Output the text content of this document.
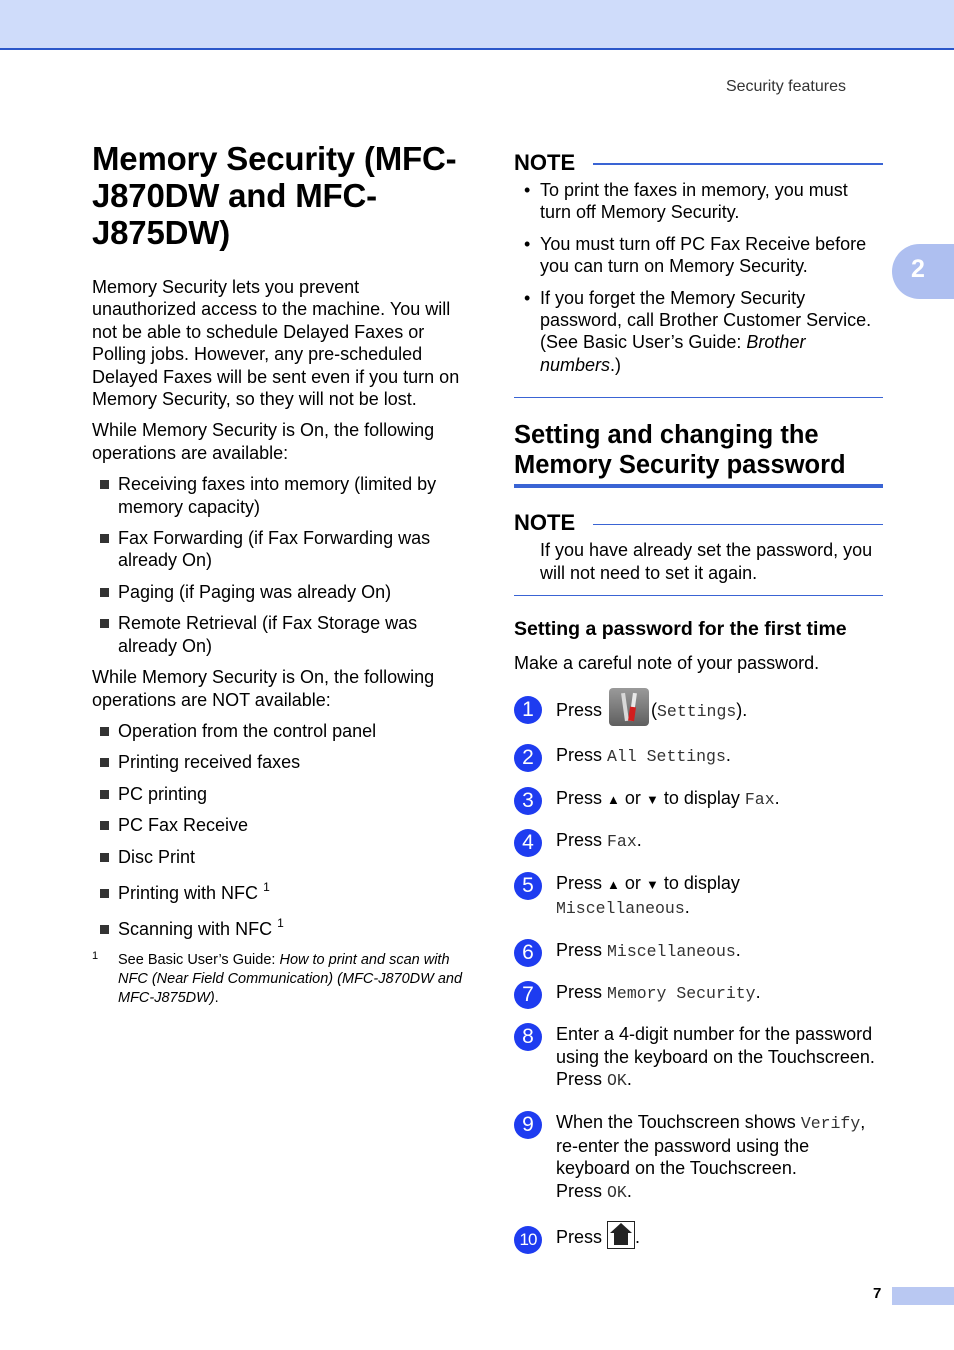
Security features
2
Memory Security (MFC-J870DW and MFC-J875DW)

Memory Security lets you prevent unauthorized access to the machine. You will not be able to schedule Delayed Faxes or Polling jobs. However, any pre-scheduled Delayed Faxes will be sent even if you turn on Memory Security, so they will not be lost.

While Memory Security is On, the following operations are available:

Receiving faxes into memory (limited by memory capacity)
Fax Forwarding (if Fax Forwarding was already On)
Paging (if Paging was already On)
Remote Retrieval (if Fax Storage was already On)

While Memory Security is On, the following operations are NOT available:

Operation from the control panel
Printing received faxes
PC printing
PC Fax Receive
Disc Print
Printing with NFC $^1$
Scanning with NFC $^1$
1 See Basic User’s Guide: How to print and scan with NFC (Near Field Communication) (MFC-J870DW and MFC-J875DW).
NOTE
• To print the faxes in memory, you must turn off Memory Security.
• You must turn off PC Fax Receive before you can turn on Memory Security.
• If you forget the Memory Security password, call Brother Customer Service. (See Basic User’s Guide: Brother numbers.)
Setting and changing the Memory Security password
NOTE

If you have already set the password, you will not need to set it again.

Setting a password for the first time

Make a careful note of your password.

1	Press	(Settings).
2	Press All Settings.
3	Press ▲ or ▼ to display Fax.
4	Press Fax.
5	Press ▲ or ▼ to display
Miscellaneous.
6	Press Miscellaneous.
7	Press Memory Security.
8	Enter a 4-digit number for the password using the keyboard on the Touchscreen.
Press OK.
9	When the Touchscreen shows Verify, re-enter the password using the keyboard on the Touchscreen.
Press OK.
10	Press .
7
